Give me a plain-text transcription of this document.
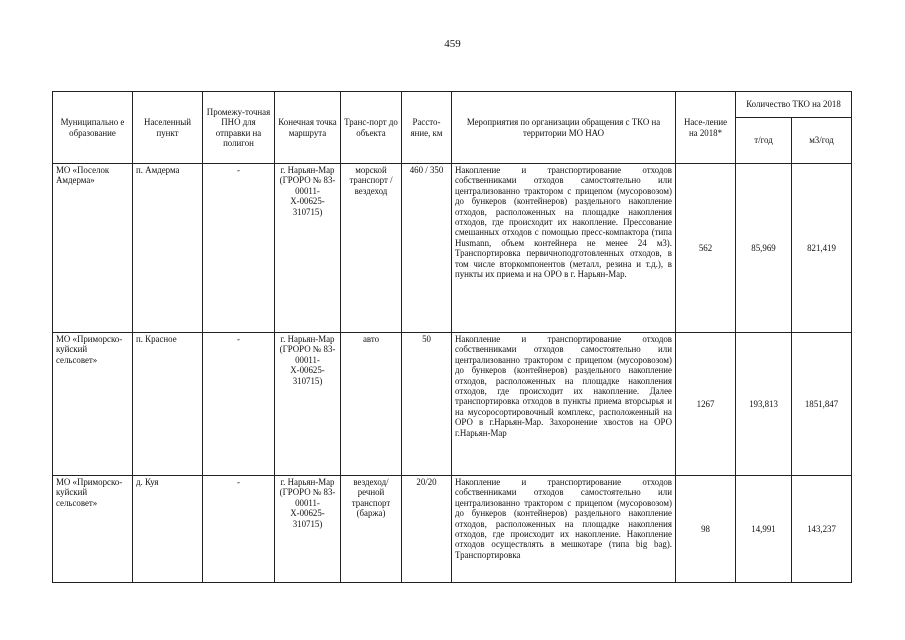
459
Муниципально е образование	Населенный пункт	Промежу-точная ПНО для отправки на полигон	Конечная точка маршрута	Транс-порт до объекта	Рассто-яние, км	Мероприятия по организации обращения с ТКО на территории МО НАО	Насе-ление на 2018*	Количество ТКО на 2018	
								т/год	м3/год
МО «Поселок Амдерма»	п. Амдерма	-	г. Нарьян-Мар (ГРОРО № 83-00011-Х-00625-310715)	морской транспорт / вездеход	460 / 350	Накопление и транспортирование отходов собственниками отходов самостоятельно или централизованно трактором с прицепом (мусоровозом) до бункеров (контейнеров) раздельного накопление отходов, расположенных на площадке накопления отходов, где происходит их накопление. Прессование смешанных отходов с помощью пресс-компактора (типа Husmann, объем контейнера не менее 24 м3). Транспортировка первичноподготовленных отходов, в том числе вторкомпонентов (металл, резина и т.д.), в пункты их приема и на ОРО в г. Нарьян-Мар.	562	85,969	821,419
МО «Приморско-куйский сельсовет»	п. Красное	-	г. Нарьян-Мар (ГРОРО № 83-00011-Х-00625-310715)	авто	50	Накопление и транспортирование отходов собственниками отходов самостоятельно или централизованно трактором с прицепом (мусоровозом) до бункеров (контейнеров) раздельного накопление отходов, расположенных на площадке накопления отходов, где происходит их накопление. Далее транспортировка отходов в пункты приема вторсырья и на мусоросортировочный комплекс, расположенный на ОРО в г.Нарьян-Мар. Захоронение хвостов на ОРО г.Нарьян-Мар	1267	193,813	1851,847
МО «Приморско-куйский сельсовет»	д. Куя	-	г. Нарьян-Мар (ГРОРО № 83-00011-Х-00625-310715)	вездеход/ речной транспорт (баржа)	20/20	Накопление и транспортирование отходов собственниками отходов самостоятельно или централизованно трактором с прицепом (мусоровозом) до бункеров (контейнеров) раздельного накопление отходов, расположенных на площадке накопления отходов, где происходит их накопление. Накопление отходов осуществлять в мешкотаре (типа big bag). Транспортировка	98	14,991	143,237
